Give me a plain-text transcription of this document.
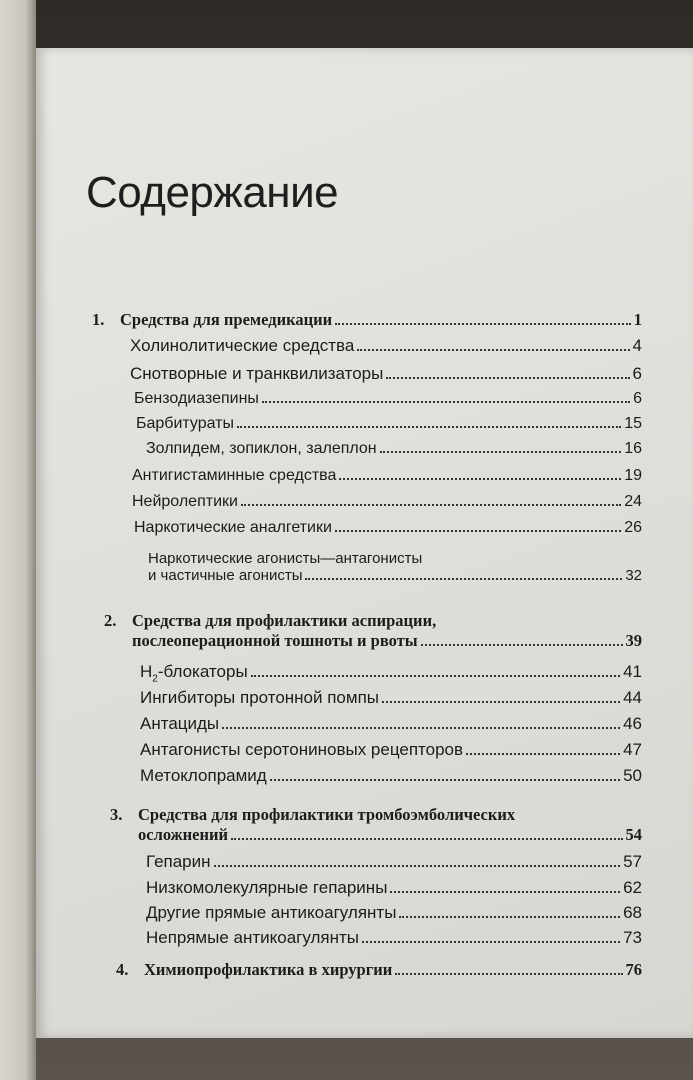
Содержание
1. Средства для премедикации	1
Холинолитические средства	4
Снотворные и транквилизаторы	6
Бензодиазепины	6
Барбитураты	15
Золпидем, зопиклон, залеплон	16
Антигистаминные средства	19
Нейролептики	24
Наркотические аналгетики	26
Наркотические агонисты—антагонисты
и частичные агонисты	32
2. Средства для профилактики аспирации,
послеоперационной тошноты и рвоты	39
$Н_2$-блокаторы	41
Ингибиторы протонной помпы	44
Антациды	46
Антагонисты серотониновых рецепторов	47
Метоклопрамид	50
3. Средства для профилактики тромбоэмболических
осложнений	54
Гепарин	57
Низкомолекулярные гепарины	62
Другие прямые антикоагулянты	68
Непрямые антикоагулянты	73
4. Химиопрофилактика в хирургии	76
